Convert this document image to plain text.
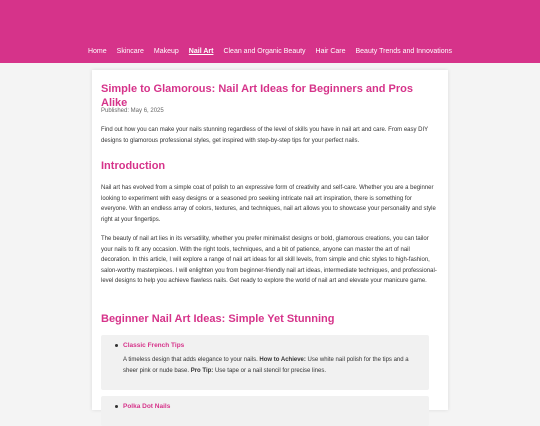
Home Skincare Makeup Nail Art Clean and Organic Beauty Hair Care Beauty Trends and Innovations
Simple to Glamorous: Nail Art Ideas for Beginners and Pros Alike
Published: May 6, 2025

Find out how you can make your nails stunning regardless of the level of skills you have in nail art and care. From easy DIY designs to glamorous professional styles, get inspired with step-by-step tips for your perfect nails.

Introduction

Nail art has evolved from a simple coat of polish to an expressive form of creativity and self-care. Whether you are a beginner looking to experiment with easy designs or a seasoned pro seeking intricate nail art inspiration, there is something for everyone. With an endless array of colors, textures, and techniques, nail art allows you to showcase your personality and style right at your fingertips.

The beauty of nail art lies in its versatility, whether you prefer minimalist designs or bold, glamorous creations, you can tailor your nails to fit any occasion. With the right tools, techniques, and a bit of patience, anyone can master the art of nail decoration. In this article, I will explore a range of nail art ideas for all skill levels, from simple and chic styles to high-fashion, salon-worthy masterpieces. I will enlighten you from beginner-friendly nail art ideas, intermediate techniques, and professional-level designs to help you achieve flawless nails. Get ready to explore the world of nail art and elevate your manicure game.

Beginner Nail Art Ideas: Simple Yet Stunning
Classic French Tips
A timeless design that adds elegance to your nails. How to Achieve: Use white nail polish for the tips and a sheer pink or nude base. Pro Tip: Use tape or a nail stencil for precise lines.
Polka Dot Nails
